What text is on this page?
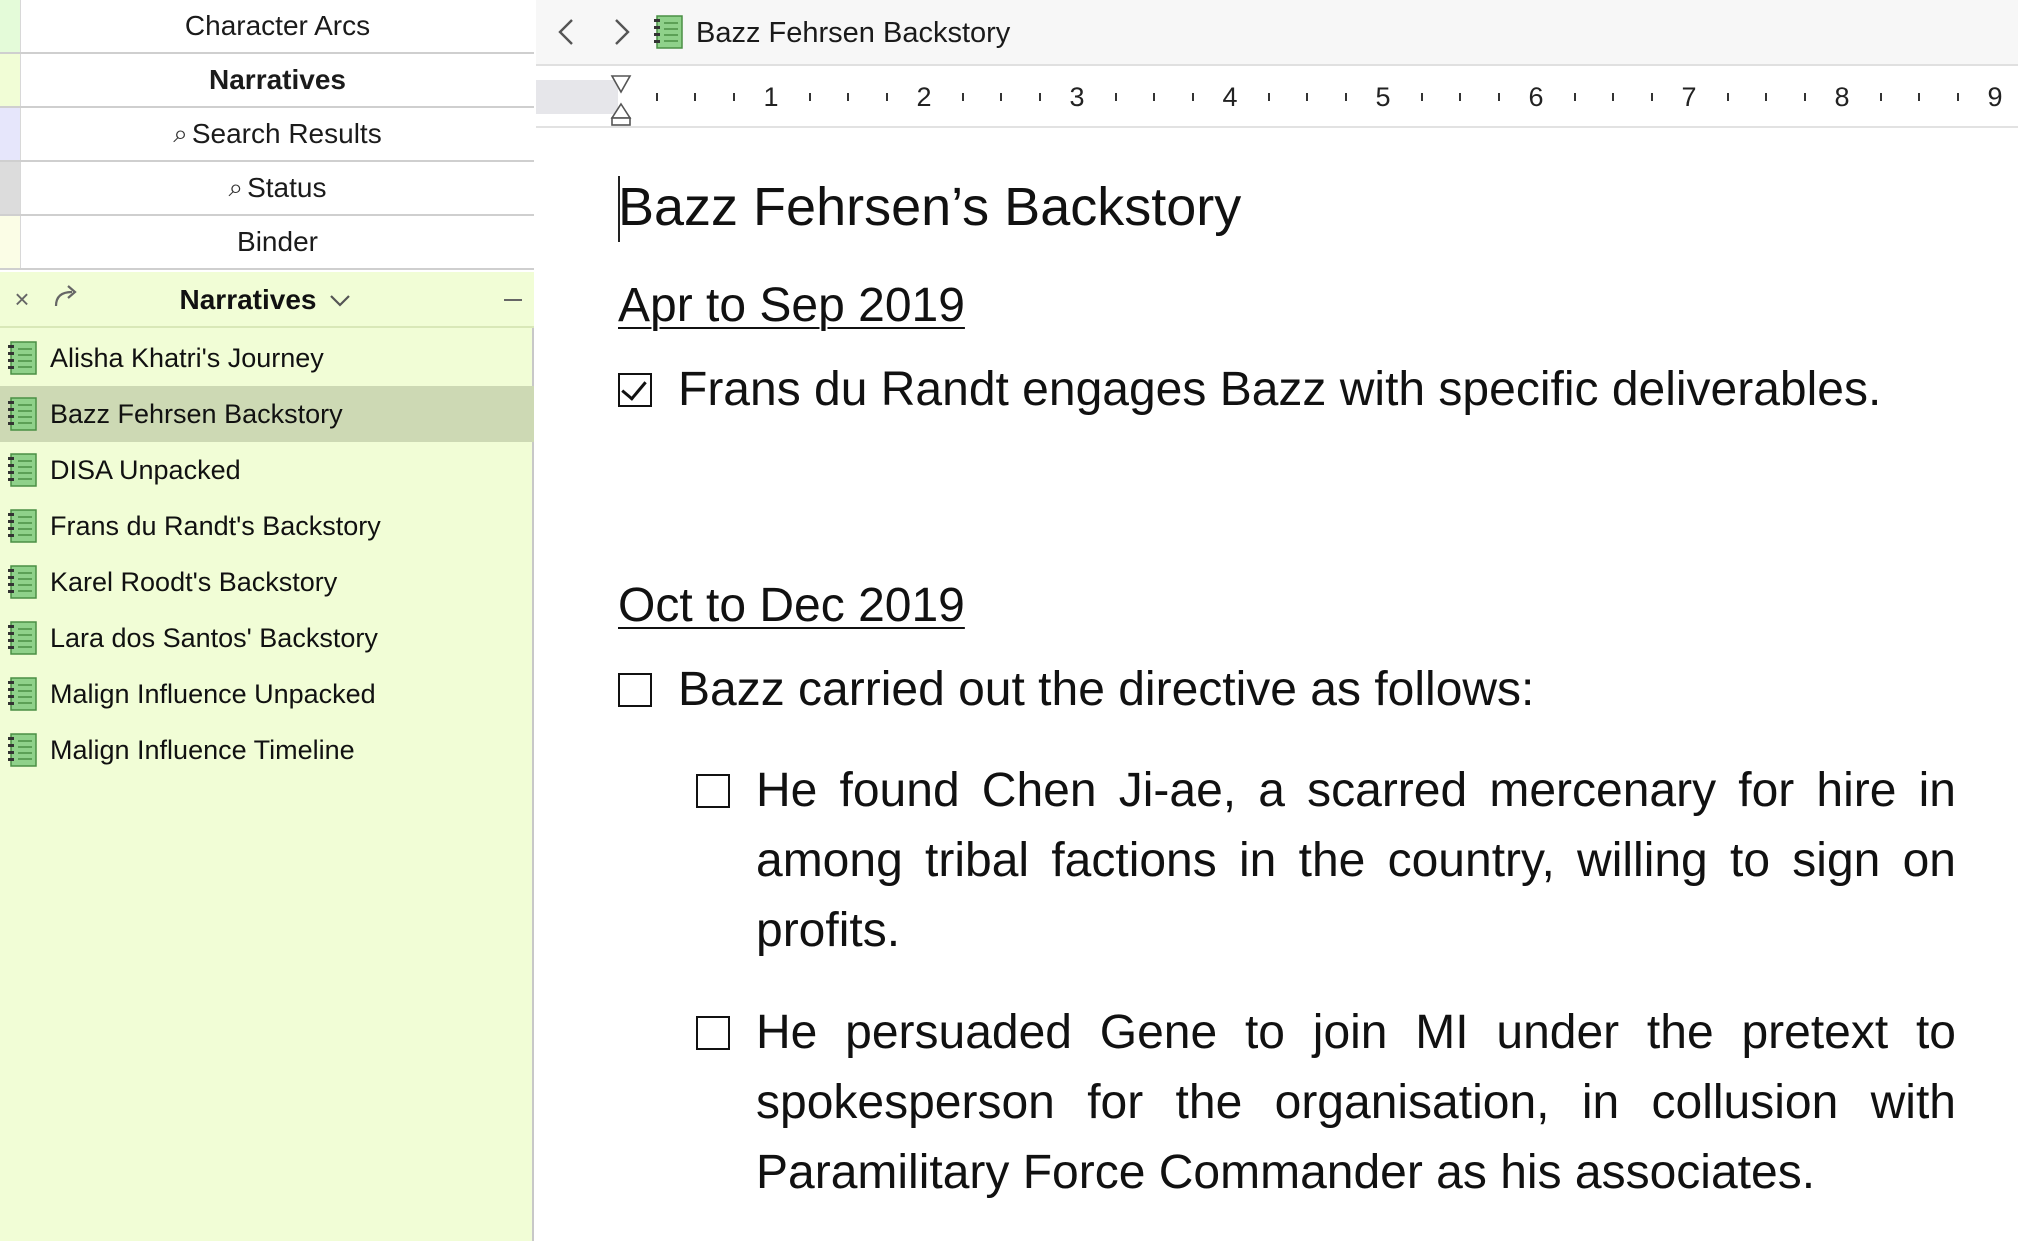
Character Arcs
Narratives
⌕ Search Results
⌕ Status
Binder
×	Narratives
Alisha Khatri's Journey
Bazz Fehrsen Backstory
DISA Unpacked
Frans du Randt's Backstory
Karel Roodt's Backstory
Lara dos Santos' Backstory
Malign Influence Unpacked
Malign Influence Timeline
Bazz Fehrsen Backstory
1	2	3	4	5	6	7	8	9
Bazz Fehrsen’s Backstory
Apr to Sep 2019
Frans du Randt engages Bazz with specific deliverables.
Oct to Dec 2019
Bazz carried out the directive as follows:
He found Chen Ji-ae, a scarred mercenary for hire in among tribal factions in the country, willing to sign on profits.
He persuaded Gene to join MI under the pretext to spokesperson for the organisation, in collusion with Paramilitary Force Commander as his associates.
